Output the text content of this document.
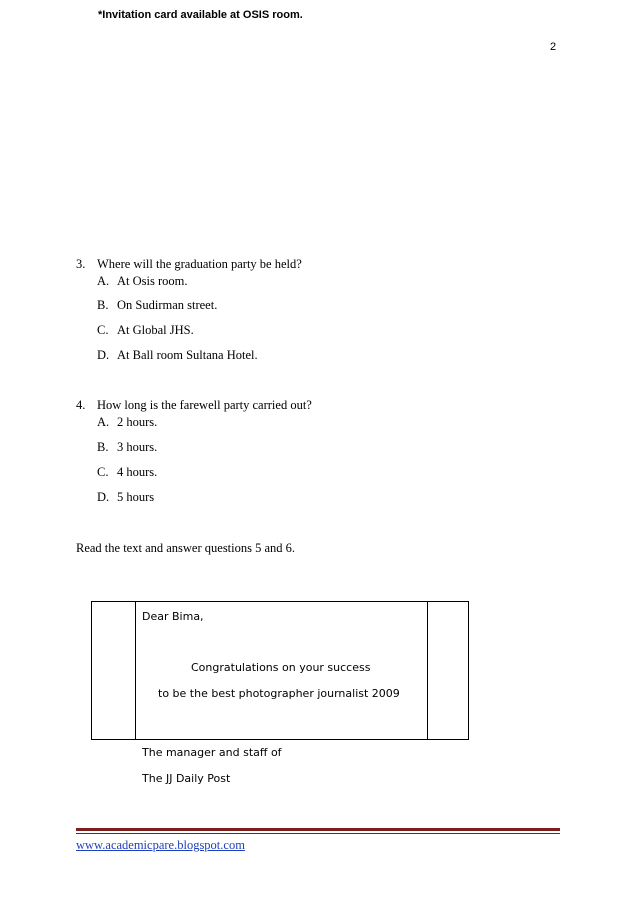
*Invitation card available at OSIS room.
2
3. Where will the graduation party be held?
A. At Osis room.
B. On Sudirman street.
C. At Global JHS.
D. At Ball room Sultana Hotel.
4. How long is the farewell party carried out?
A. 2 hours.
B. 3 hours.
C. 4 hours.
D. 5 hours
Read the text and answer questions 5 and 6.
Dear Bima,
Congratulations on your success
to be the best photographer journalist 2009
The manager and staff of
The JJ Daily Post
www.academicpare.blogspot.com
